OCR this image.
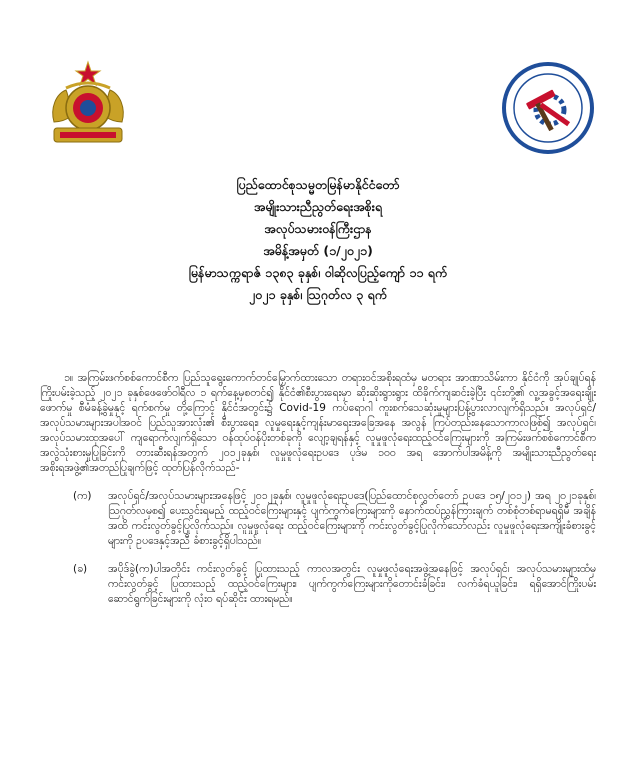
ပြည်ထောင်စုသမ္မတမြန်မာနိုင်ငံတော်
အမျိုးသားညီညွတ်ရေးအစိုးရ
အလုပ်သမားဝန်ကြီးဌာန
အမိန့်အမှတ် (၁/၂၀၂၁)
မြန်မာသက္ကရာဇ် ၁၃၈၃ ခုနှစ်၊ ဝါဆိုလပြည့်ကျော် ၁၁ ရက်
၂၀၂၁ ခုနှစ်၊ ဩဂုတ်လ ၃ ရက်

၁။ အကြမ်းဖက်စစ်ကောင်စီက ပြည်သူရွေးကောက်တင်မြှောက်ထားသော တရားဝင်အစိုးရထံမှ မတရား အာဏာသိမ်းကာ နိုင်ငံကို အုပ်ချုပ်ရန်ကြိုးပမ်းခဲ့သည့် ၂၀၂၁ ခုနှစ်ဖေဖော်ဝါရီလ ၁ ရက်နေ့မှစတင်၍ နိုင်ငံ၏စီးပွားရေးမှာ ဆိုးဆိုးရွားရွား ထိခိုက်ကျဆင်းခဲ့ပြီး ၎င်းတို့၏ လူ့အခွင့်အရေးချိုးဖောက်မှု စီမံခန့်ခွဲမှုနှင့် ရက်စက်မှု တို့ကြောင့် နိုင်ငံအတွင်း၌ Covid-19 ကပ်ရောဂါ ကူးစက်သေဆုံးမှုများပြန့်ပွားလာလျက်ရှိသည်။ အလုပ်ရှင်/အလုပ်သမားများအပါအဝင် ပြည်သူအားလုံး၏ စီးပွားရေး၊ လူမှုရေးနှင့်ကျန်းမာရေးအခြေအနေ အလွန် ကြပ်တည်းနေသောကာလဖြစ်၍ အလုပ်ရှင်၊ အလုပ်သမားထုအပေါ် ကျရောက်လျက်ရှိသော ဝန်ထုပ်ဝန်ပိုးတစ်ခုကို လျော့ချရန်နှင့် လူမှုဖူလုံရေးထည့်ဝင်ကြေးများကို အကြမ်းဖက်စစ်ကောင်စီက အလွဲသုံးစားမှုပြုခြင်းကို တားဆီးရန်အတွက် ၂၀၁၂ခုနှစ်၊ လူမှုဖူလုံရေးဥပဒေ ပုဒ်မ ၁၀၀ အရ အောက်ပါအမိန့်ကို အမျိုးသားညီညွတ်ရေးအစိုးရအဖွဲ့၏အတည်ပြုချက်ဖြင့် ထုတ်ပြန်လိုက်သည်-

(က) အလုပ်ရှင်/အလုပ်သမားများအနေဖြင့် ၂၀၁၂ခုနှစ်၊ လူမှုဖူလုံရေးဥပဒေ(ပြည်ထောင်စုလွှတ်တော် ဥပဒေ ၁၅/၂၀၁၂) အရ ၂၀၂၁ခုနှစ်၊ ဩဂုတ်လမှစ၍ ပေးသွင်းရမည့် ထည့်ဝင်ကြေးများနှင့် ပျက်ကွက်ကြေးများကို နောက်ထပ်ညွှန်ကြားချက် တစ်စုံတစ်ရာမရရှိမီ အချိန်အထိ ကင်းလွတ်ခွင့်ပြုလိုက်သည်။ လူမှုဖူလုံရေး ထည့်ဝင်ကြေးများကို ကင်းလွတ်ခွင့်ပြုလိုက်သော်လည်း လူမှုဖူလုံရေးအကျိုးခံစားခွင့်များကို ဥပဒေနှင့်အညီ ခံစားခွင့်ရှိပါသည်။

(ခ) အပိုဒ်ခွဲ(က)ပါအတိုင်း ကင်းလွတ်ခွင့် ပြုထားသည့် ကာလအတွင်း လူမှုဖူလုံရေးအဖွဲ့အနေဖြင့် အလုပ်ရှင်၊ အလုပ်သမားများထံမှ ကင်းလွတ်ခွင့် ပြုထားသည့် ထည့်ဝင်ကြေးများ၊ ပျက်ကွက်ကြေးများကိုတောင်းခံခြင်း၊ လက်ခံရယူခြင်း၊ ရရှိအောင်ကြိုးပမ်း ဆောင်ရွက်ခြင်းများကို လုံးဝ ရပ်ဆိုင်း ထားရမည်။
